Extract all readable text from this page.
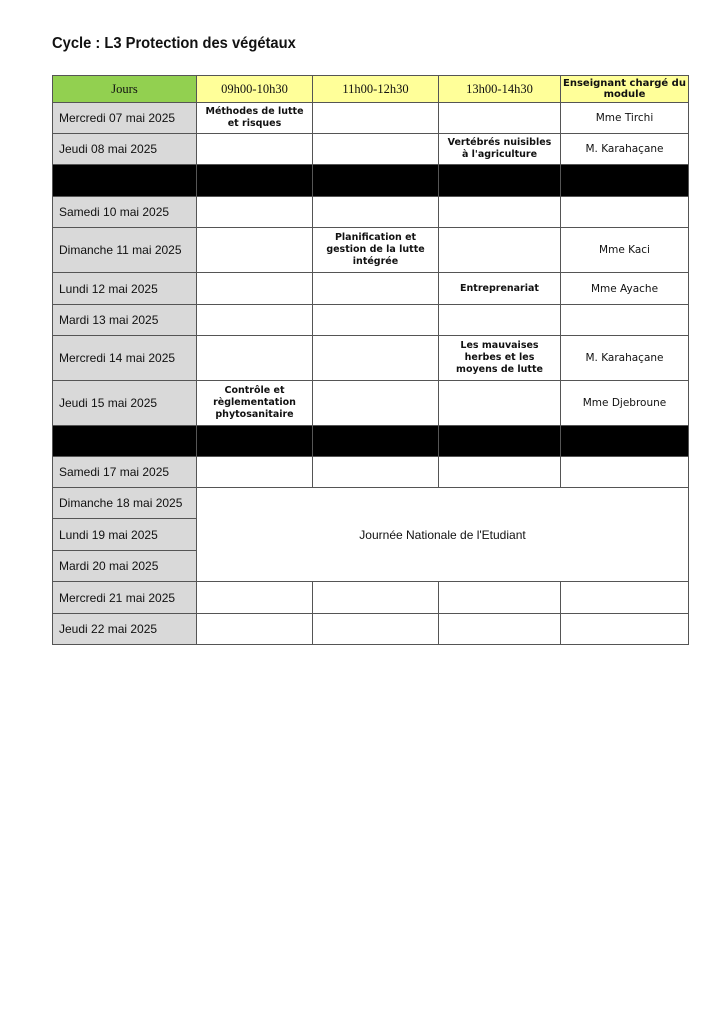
Cycle : L3 Protection des végétaux
Jours	09h00-10h30	11h00-12h30	13h00-14h30	Enseignant chargé du module
Mercredi 07 mai 2025	Méthodes de lutte et risques			Mme Tirchi
Jeudi 08 mai 2025			Vertébrés nuisibles à l'agriculture	M. Karahaçane

Samedi 10 mai 2025				
Dimanche 11 mai 2025		Planification et gestion de la lutte intégrée		Mme Kaci
Lundi 12 mai 2025			Entreprenariat	Mme Ayache
Mardi 13 mai 2025				
Mercredi 14 mai 2025			Les mauvaises herbes et les moyens de lutte	M. Karahaçane
Jeudi 15 mai 2025	Contrôle et règlementation phytosanitaire			Mme Djebroune

Samedi 17 mai 2025				
Dimanche 18 mai 2025	Journée Nationale de l'Etudiant			
Lundi 19 mai 2025				
Mardi 20 mai 2025				
Mercredi 21 mai 2025				
Jeudi 22 mai 2025				
